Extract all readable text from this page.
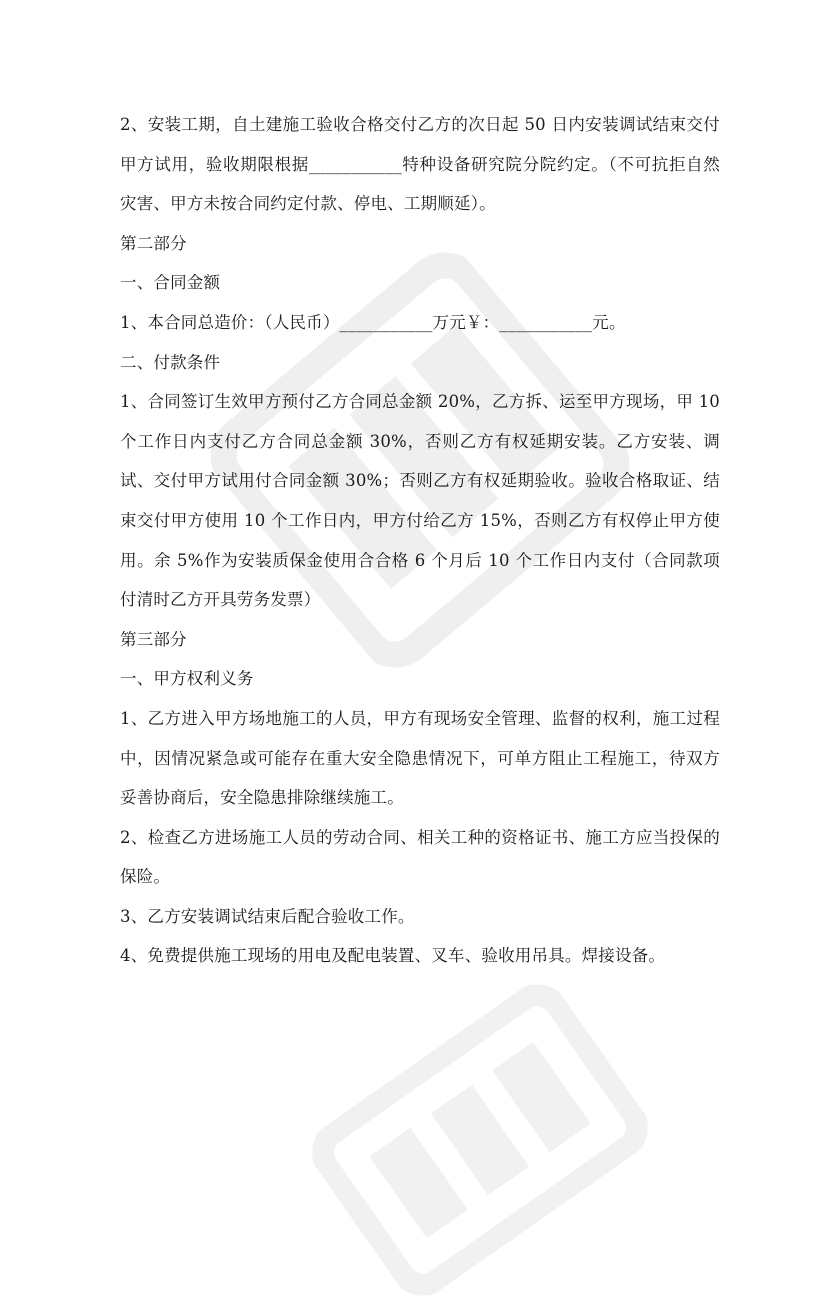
2、安装工期，自土建施工验收合格交付乙方的次日起 50 日内安装调试结束交付甲方试用，验收期限根据___________特种设备研究院分院约定。（不可抗拒自然灾害、甲方未按合同约定付款、停电、工期顺延）。

第二部分

一、合同金额

1、本合同总造价：（人民币）___________万元￥：___________元。

二、付款条件

1、合同签订生效甲方预付乙方合同总金额 20%，乙方拆、运至甲方现场，甲 10 个工作日内支付乙方合同总金额 30%，否则乙方有权延期安装。乙方安装、调试、交付甲方试用付合同金额 30%；否则乙方有权延期验收。验收合格取证、结束交付甲方使用 10 个工作日内，甲方付给乙方 15%，否则乙方有权停止甲方使用。余 5%作为安装质保金使用合合格 6 个月后 10 个工作日内支付（合同款项付清时乙方开具劳务发票）

第三部分

一、甲方权利义务

1、乙方进入甲方场地施工的人员，甲方有现场安全管理、监督的权利，施工过程中，因情况紧急或可能存在重大安全隐患情况下，可单方阻止工程施工，待双方妥善协商后，安全隐患排除继续施工。

2、检查乙方进场施工人员的劳动合同、相关工种的资格证书、施工方应当投保的保险。

3、乙方安装调试结束后配合验收工作。

4、免费提供施工现场的用电及配电装置、叉车、验收用吊具。焊接设备。
